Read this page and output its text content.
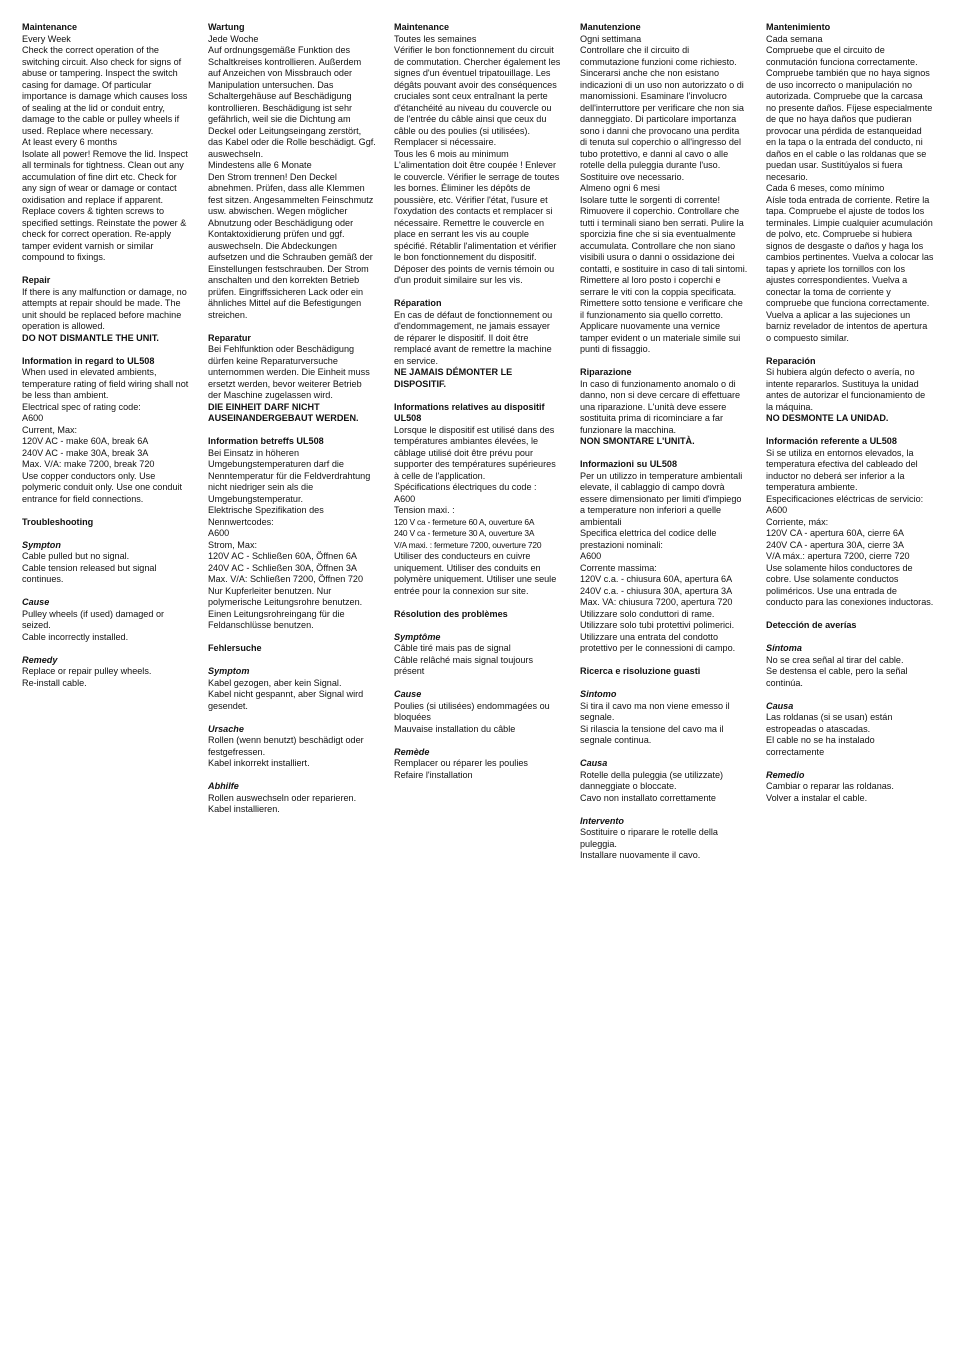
Maintenance
Every Week
Check the correct operation of the switching circuit. Also check for signs of abuse or tampering. Inspect the switch casing for damage. Of particular importance is damage which causes loss of sealing at the lid or conduit entry, damage to the cable or pulley wheels if used. Replace where necessary.
At least every 6 months
Isolate all power! Remove the lid. Inspect all terminals for tightness. Clean out any accumulation of fine dirt etc. Check for any sign of wear or damage or contact oxidisation and replace if apparent. Replace covers & tighten screws to specified settings. Reinstate the power & check for correct operation. Re-apply tamper evident varnish or similar compound to fixings.
Repair
If there is any malfunction or damage, no attempts at repair should be made. The unit should be replaced before machine operation is allowed.
DO NOT DISMANTLE THE UNIT.
Information in regard to UL508
When used in elevated ambients, temperature rating of field wiring shall not be less than ambient.
Electrical spec of rating code:
A600
Current, Max:
120V AC - make 60A, break 6A
240V AC - make 30A, break 3A
Max. V/A: make 7200, break 720
Use copper conductors only. Use polymeric conduit only. Use one conduit entrance for field connections.
Troubleshooting
Sympton
Cable pulled but no signal.
Cable tension released but signal continues.
Cause
Pulley wheels (if used) damaged or seized.
Cable incorrectly installed.
Remedy
Replace or repair pulley wheels.
Re-install cable.
Wartung
Jede Woche
Auf ordnungsgemäße Funktion des Schaltkreises kontrollieren. Außerdem auf Anzeichen von Missbrauch oder Manipulation untersuchen. Das Schaltergehäuse auf Beschädigung kontrollieren. Beschädigung ist sehr gefährlich, weil sie die Dichtung am Deckel oder Leitungseingang zerstört, das Kabel oder die Rolle beschädigt. Ggf. auswechseln.
Mindestens alle 6 Monate
Den Strom trennen! Den Deckel abnehmen. Prüfen, dass alle Klemmen fest sitzen. Angesammelten Feinschmutz usw. abwischen. Wegen möglicher Abnutzung oder Beschädigung oder Kontaktoxidierung prüfen und ggf. auswechseln. Die Abdeckungen aufsetzen und die Schrauben gemäß der Einstellungen festschrauben. Der Strom anschalten und den korrekten Betrieb prüfen. Eingriffssicheren Lack oder ein ähnliches Mittel auf die Befestigungen streichen.
Reparatur
Bei Fehlfunktion oder Beschädigung dürfen keine Reparaturversuche unternommen werden. Die Einheit muss ersetzt werden, bevor weiterer Betrieb der Maschine zugelassen wird.
DIE EINHEIT DARF NICHT AUSEINANDERGEBAUT WERDEN.
Information betreffs UL508
Bei Einsatz in höheren Umgebungstemperaturen darf die Nenntemperatur für die Feldverdrahtung nicht niedriger sein als die Umgebungstemperatur.
Elektrische Spezifikation des Nennwertcodes:
A600
Strom, Max:
120V AC - Schließen 60A, Öffnen 6A
240V AC - Schließen 30A, Öffnen 3A
Max. V/A: Schließen 7200, Öffnen 720
Nur Kupferleiter benutzen. Nur polymerische Leitungsrohre benutzen. Einen Leitungsrohreingang für die Feldanschlüsse benutzen.
Fehlersuche
Symptom
Kabel gezogen, aber kein Signal.
Kabel nicht gespannt, aber Signal wird gesendet.
Ursache
Rollen (wenn benutzt) beschädigt oder festgefressen.
Kabel inkorrekt installiert.
Abhilfe
Rollen auswechseln oder reparieren.
Kabel installieren.
Maintenance
Toutes les semaines
Vérifier le bon fonctionnement du circuit de commutation. Chercher également les signes d'un éventuel tripatouillage. Les dégâts pouvant avoir des conséquences cruciales sont ceux entraînant la perte d'étanchéité au niveau du couvercle ou de l'entrée du câble ainsi que ceux du câble ou des poulies (si utilisées). Remplacer si nécessaire.
Tous les 6 mois au minimum
L'alimentation doit être coupée ! Enlever le couvercle. Vérifier le serrage de toutes les bornes. Éliminer les dépôts de poussière, etc. Vérifier l'état, l'usure et l'oxydation des contacts et remplacer si nécessaire. Remettre le couvercle en place en serrant les vis au couple spécifié. Rétablir l'alimentation et vérifier le bon fonctionnement du dispositif. Déposer des points de vernis témoin ou d'un produit similaire sur les vis.
Réparation
En cas de défaut de fonctionnement ou d'endommagement, ne jamais essayer de réparer le dispositif. Il doit être remplacé avant de remettre la machine en service.
NE JAMAIS DÉMONTER LE DISPOSITIF.
Informations relatives au dispositif UL508
Lorsque le dispositif est utilisé dans des températures ambiantes élevées, le câblage utilisé doit être prévu pour supporter des températures supérieures à celle de l'application.
Spécifications électriques du code :
A600
Tension maxi. :
120 V ca - fermeture 60 A, ouverture 6A
240 V ca - fermeture 30 A, ouverture 3A
V/A maxi. : fermeture 7200, ouverture 720
Utiliser des conducteurs en cuivre uniquement. Utiliser des conduits en polymère uniquement. Utiliser une seule entrée pour la connexion sur site.
Résolution des problèmes
Symptôme
Câble tiré mais pas de signal
Câble relâché mais signal toujours présent
Cause
Poulies (si utilisées) endommagées ou bloquées
Mauvaise installation du câble
Remède
Remplacer ou réparer les poulies
Refaire l'installation
Manutenzione
Ogni settimana
Controllare che il circuito di commutazione funzioni come richiesto. Sincerarsi anche che non esistano indicazioni di un uso non autorizzato o di manomissioni. Esaminare l'involucro dell'interruttore per verificare che non sia danneggiato. Di particolare importanza sono i danni che provocano una perdita di tenuta sul coperchio o all'ingresso del tubo protettivo, e danni al cavo o alle rotelle della puleggia durante l'uso. Sostituire ove necessario.
Almeno ogni 6 mesi
Isolare tutte le sorgenti di corrente! Rimuovere il coperchio. Controllare che tutti i terminali siano ben serrati. Pulire la sporcizia fine che si sia eventualmente accumulata. Controllare che non siano visibili usura o danni o ossidazione dei contatti, e sostituire in caso di tali sintomi. Rimettere al loro posto i coperchi e serrare le viti con la coppia specificata. Rimettere sotto tensione e verificare che il funzionamento sia quello corretto. Applicare nuovamente una vernice tamper evident o un materiale simile sui punti di fissaggio.
Riparazione
In caso di funzionamento anomalo o di danno, non si deve cercare di effettuare una riparazione. L'unità deve essere sostituita prima di ricominciare a far funzionare la macchina.
NON SMONTARE L'UNITÀ.
Informazioni su UL508
Per un utilizzo in temperature ambientali elevate, il cablaggio di campo dovrà essere dimensionato per limiti d'impiego a temperature non inferiori a quelle ambientali
Specifica elettrica del codice delle prestazioni nominali:
A600
Corrente massima:
120V c.a. - chiusura 60A, apertura 6A
240V c.a. - chiusura 30A, apertura 3A
Max. VA: chiusura 7200, apertura 720
Utilizzare solo conduttori di rame. Utilizzare solo tubi protettivi polimerici. Utilizzare una entrata del condotto protettivo per le connessioni di campo.
Ricerca e risoluzione guasti
Sintomo
Si tira il cavo ma non viene emesso il segnale.
Si rilascia la tensione del cavo ma il segnale continua.
Causa
Rotelle della puleggia (se utilizzate) danneggiate o bloccate.
Cavo non installato correttamente
Intervento
Sostituire o riparare le rotelle della puleggia.
Installare nuovamente il cavo.
Mantenimiento
Cada semana
Compruebe que el circuito de conmutación funciona correctamente. Compruebe también que no haya signos de uso incorrecto o manipulación no autorizada. Compruebe que la carcasa no presente daños. Fíjese especialmente de que no haya daños que pudieran provocar una pérdida de estanqueidad en la tapa o la entrada del conducto, ni daños en el cable o las roldanas que se puedan usar. Sustitúyalos si fuera necesario.
Cada 6 meses, como mínimo
Aísle toda entrada de corriente. Retire la tapa. Compruebe el ajuste de todos los terminales. Limpie cualquier acumulación de polvo, etc. Compruebe si hubiera signos de desgaste o daños y haga los cambios pertinentes. Vuelva a colocar las tapas y apriete los tornillos con los ajustes correspondientes. Vuelva a conectar la toma de corriente y compruebe que funciona correctamente. Vuelva a aplicar a las sujeciones un barniz revelador de intentos de apertura o compuesto similar.
Reparación
Si hubiera algún defecto o avería, no intente repararlos. Sustituya la unidad antes de autorizar el funcionamiento de la máquina.
NO DESMONTE LA UNIDAD.
Información referente a UL508
Si se utiliza en entornos elevados, la temperatura efectiva del cableado del inductor no deberá ser inferior a la temperatura ambiente.
Especificaciones eléctricas de servicio:
A600
Corriente, máx:
120V CA - apertura 60A, cierre 6A
240V CA - apertura 30A, cierre 3A
V/A máx.: apertura 7200, cierre 720
Use solamente hilos conductores de cobre. Use solamente conductos poliméricos. Use una entrada de conducto para las conexiones inductoras.
Detección de averías
Síntoma
No se crea señal al tirar del cable.
Se destensa el cable, pero la señal continúa.
Causa
Las roldanas (si se usan) están estropeadas o atascadas.
El cable no se ha instalado correctamente
Remedio
Cambiar o reparar las roldanas.
Volver a instalar el cable.
